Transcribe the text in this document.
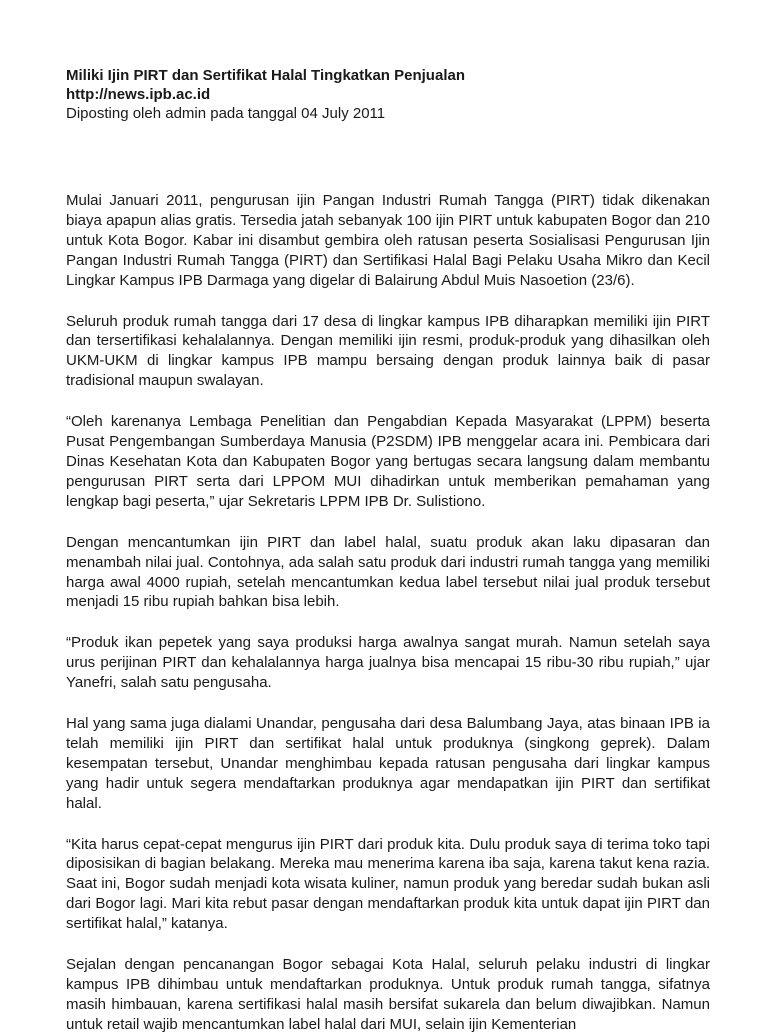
Miliki Ijin PIRT dan Sertifikat Halal Tingkatkan Penjualan

http://news.ipb.ac.id

Diposting oleh admin pada tanggal 04 July 2011

Mulai Januari 2011, pengurusan ijin Pangan Industri Rumah Tangga (PIRT) tidak dikenakan biaya apapun alias gratis. Tersedia jatah sebanyak 100 ijin PIRT untuk kabupaten Bogor dan 210 untuk Kota Bogor. Kabar ini disambut gembira oleh ratusan peserta Sosialisasi Pengurusan Ijin Pangan Industri Rumah Tangga (PIRT) dan Sertifikasi Halal Bagi Pelaku Usaha Mikro dan Kecil Lingkar Kampus IPB Darmaga yang digelar di Balairung Abdul Muis Nasoetion (23/6).

Seluruh produk rumah tangga dari 17 desa di lingkar kampus IPB diharapkan memiliki ijin PIRT dan tersertifikasi kehalalannya. Dengan memiliki ijin resmi, produk-produk yang dihasilkan oleh UKM-UKM di lingkar kampus IPB mampu bersaing dengan produk lainnya baik di pasar tradisional maupun swalayan.

“Oleh karenanya Lembaga Penelitian dan Pengabdian Kepada Masyarakat (LPPM) beserta Pusat Pengembangan Sumberdaya Manusia (P2SDM) IPB menggelar acara ini. Pembicara dari Dinas Kesehatan Kota dan Kabupaten Bogor yang bertugas secara langsung dalam membantu pengurusan PIRT serta dari LPPOM MUI dihadirkan untuk memberikan pemahaman yang lengkap bagi peserta,” ujar Sekretaris LPPM IPB Dr. Sulistiono.

Dengan mencantumkan ijin PIRT dan label halal, suatu produk akan laku dipasaran dan menambah nilai jual. Contohnya, ada salah satu produk dari industri rumah tangga yang memiliki harga awal 4000 rupiah, setelah mencantumkan kedua label tersebut nilai jual produk tersebut menjadi 15 ribu rupiah bahkan bisa lebih.

“Produk ikan pepetek yang saya produksi harga awalnya sangat murah. Namun setelah saya urus perijinan PIRT dan kehalalannya harga jualnya bisa mencapai 15 ribu-30 ribu rupiah,” ujar Yanefri, salah satu pengusaha.

Hal yang sama juga dialami Unandar, pengusaha dari desa Balumbang Jaya, atas binaan IPB ia telah memiliki ijin PIRT dan sertifikat halal untuk produknya (singkong geprek). Dalam kesempatan tersebut, Unandar menghimbau kepada ratusan pengusaha dari lingkar kampus yang hadir untuk segera mendaftarkan produknya agar mendapatkan ijin PIRT dan sertifikat halal.

“Kita harus cepat-cepat mengurus ijin PIRT dari produk kita. Dulu produk saya di terima toko tapi diposisikan di bagian belakang. Mereka mau menerima karena iba saja, karena takut kena razia. Saat ini, Bogor sudah menjadi kota wisata kuliner, namun produk yang beredar sudah bukan asli dari Bogor lagi. Mari kita rebut pasar dengan mendaftarkan produk kita untuk dapat ijin PIRT dan sertifikat halal,” katanya.

Sejalan dengan pencanangan Bogor sebagai Kota Halal, seluruh pelaku industri di lingkar kampus IPB dihimbau untuk mendaftarkan produknya. Untuk produk rumah tangga, sifatnya masih himbauan, karena sertifikasi halal masih bersifat sukarela dan belum diwajibkan. Namun untuk retail wajib mencantumkan label halal dari MUI, selain ijin Kementerian
